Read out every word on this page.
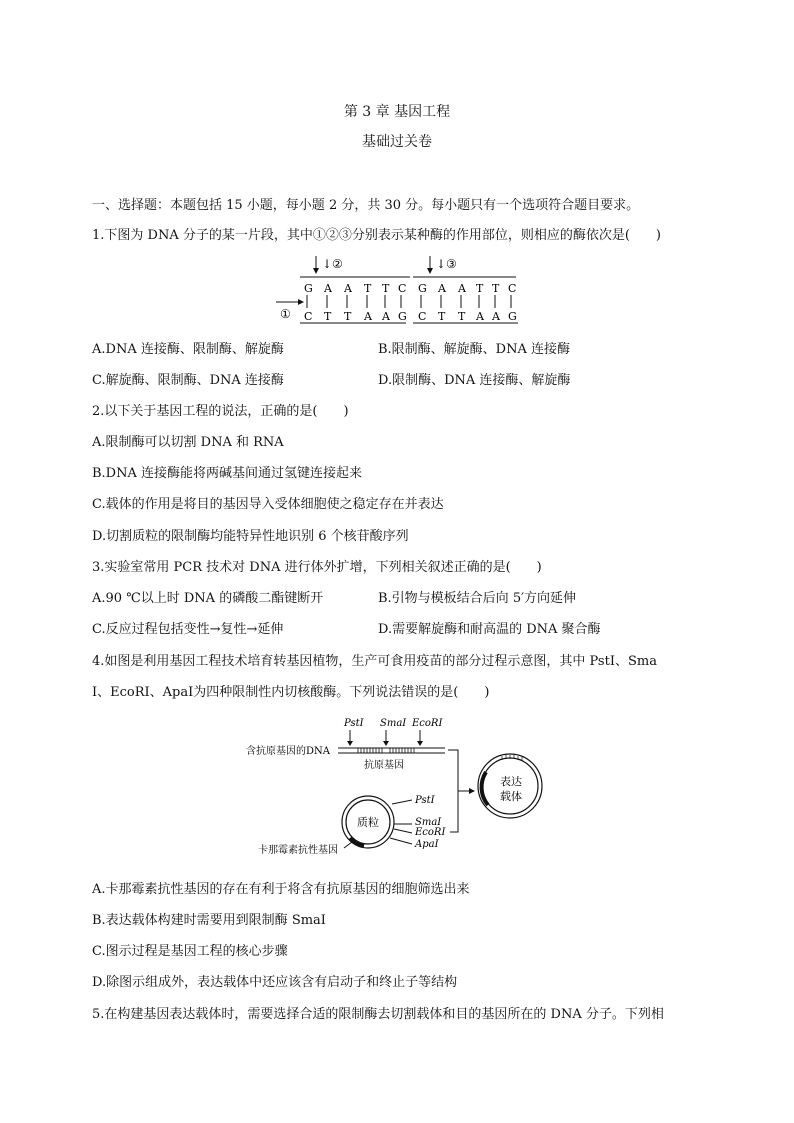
第 3 章 基因工程
基础过关卷
一、选择题：本题包括 15 小题，每小题 2 分，共 30 分。每小题只有一个选项符合题目要求。
1.下图为 DNA 分子的某一片段，其中①②③分别表示某种酶的作用部位，则相应的酶依次是(　　)
↓②	↓③
①
G A A T T C
C T T A A G
G A A T T C
C T T A A G
A.DNA 连接酶、限制酶、解旋酶	B.限制酶、解旋酶、DNA 连接酶
C.解旋酶、限制酶、DNA 连接酶	D.限制酶、DNA 连接酶、解旋酶
2.以下关于基因工程的说法，正确的是(　　)
A.限制酶可以切割 DNA 和 RNA
B.DNA 连接酶能将两碱基间通过氢键连接起来
C.载体的作用是将目的基因导入受体细胞使之稳定存在并表达
D.切割质粒的限制酶均能特异性地识别 6 个核苷酸序列
3.实验室常用 PCR 技术对 DNA 进行体外扩增，下列相关叙述正确的是(　　)
A.90 ℃以上时 DNA 的磷酸二酯键断开	B.引物与模板结合后向 5′方向延伸
C.反应过程包括变性→复性→延伸	D.需要解旋酶和耐高温的 DNA 聚合酶
4.如图是利用基因工程技术培育转基因植物，生产可食用疫苗的部分过程示意图，其中 PstⅠ、Sma
Ⅰ、EcoRⅠ、ApaⅠ为四种限制性内切核酸酶。下列说法错误的是(　　)
PstⅠ SmaⅠ EcoRⅠ
含抗原基因的DNA
抗原基因
表达
载体
质粒
PstⅠ
SmaⅠ
EcoRⅠ
ApaⅠ
卡那霉素抗性基因
A.卡那霉素抗性基因的存在有利于将含有抗原基因的细胞筛选出来
B.表达载体构建时需要用到限制酶 SmaⅠ
C.图示过程是基因工程的核心步骤
D.除图示组成外，表达载体中还应该含有启动子和终止子等结构
5.在构建基因表达载体时，需要选择合适的限制酶去切割载体和目的基因所在的 DNA 分子。下列相
